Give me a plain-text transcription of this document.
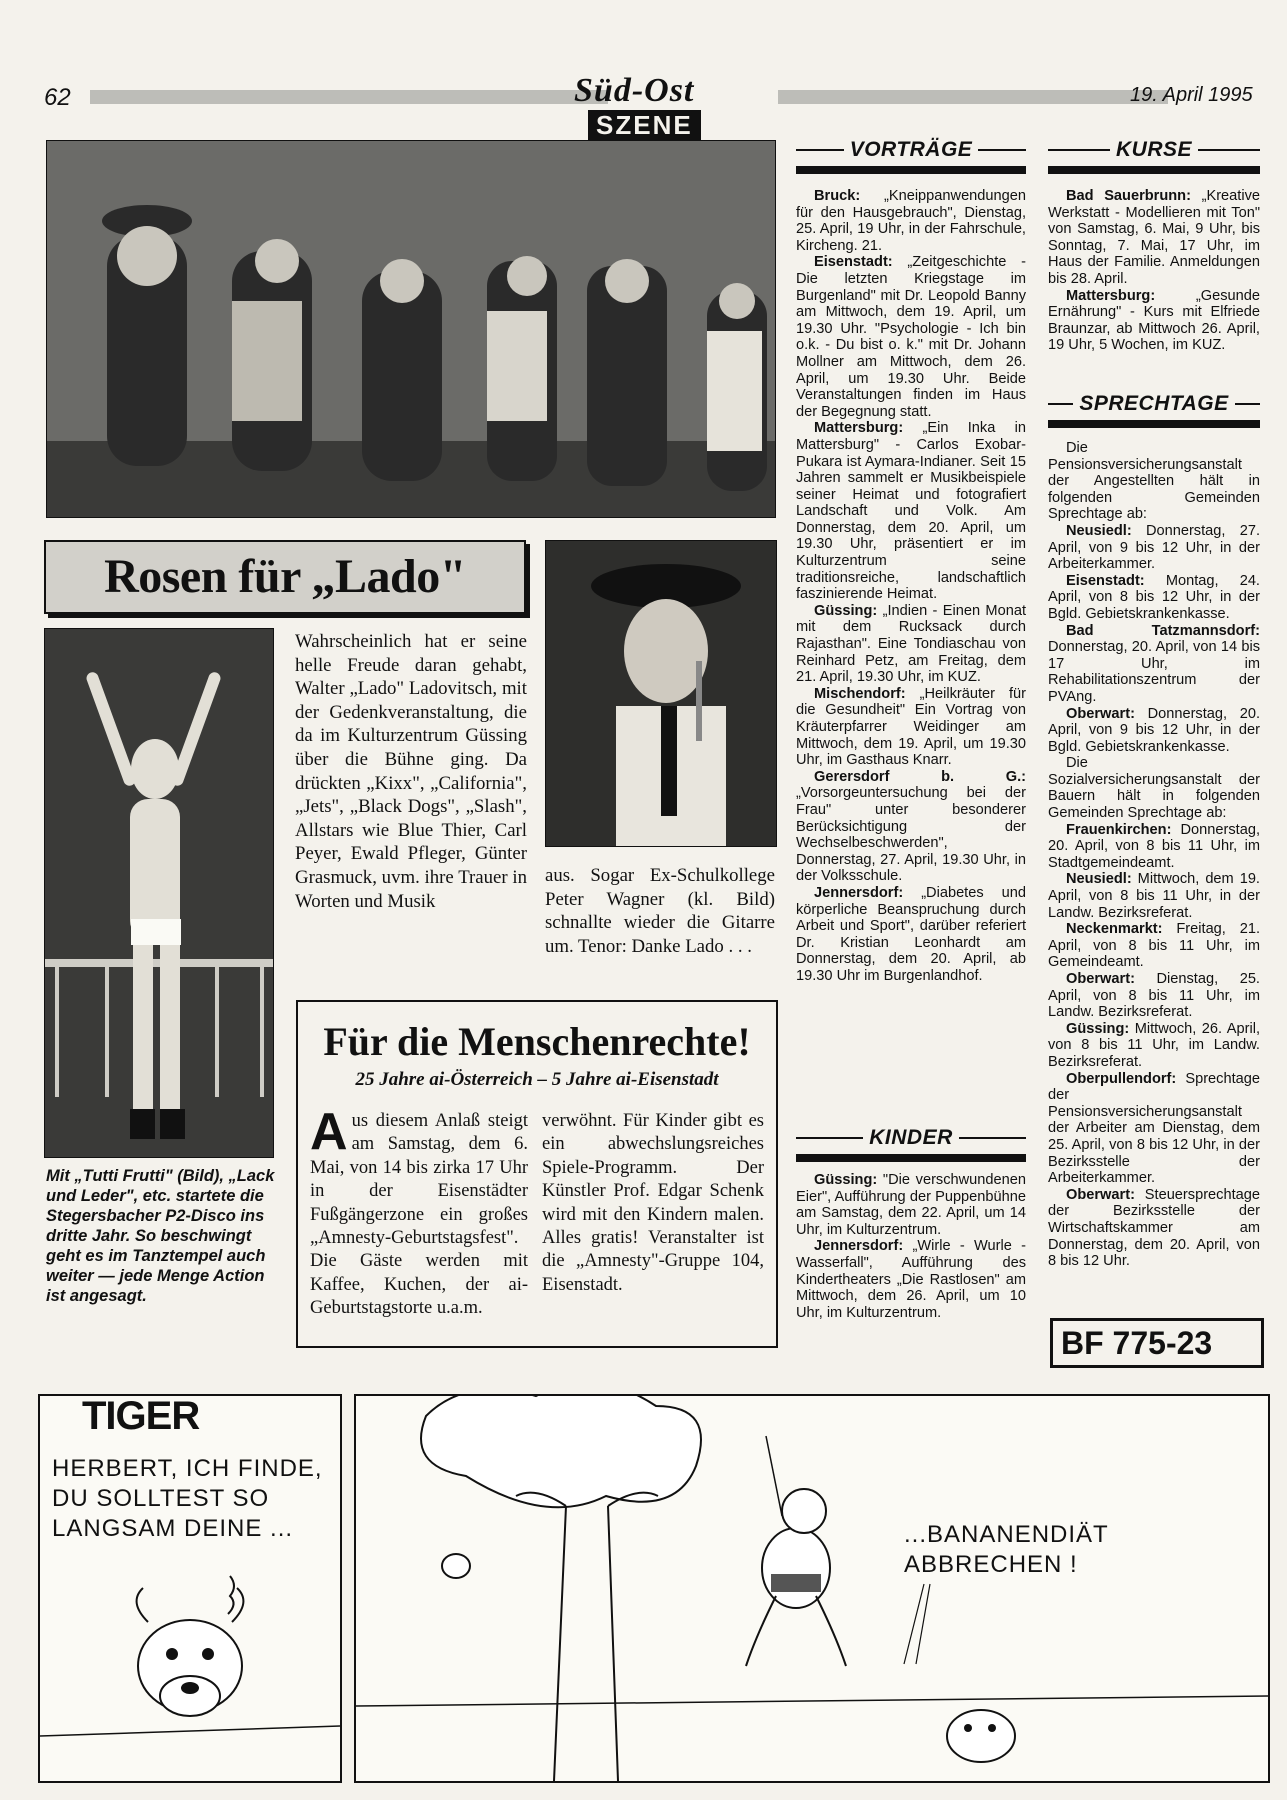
62	19. April 1995
Süd-Ost
SZENE
Rosen für „Lado"
Mit „Tutti Frutti" (Bild), „Lack und Leder", etc. startete die Stegersbacher P2-Disco ins dritte Jahr. So beschwingt geht es im Tanztempel auch weiter — jede Menge Action ist angesagt.
Wahrscheinlich hat er seine helle Freude daran gehabt, Walter „Lado" Ladovitsch, mit der Gedenkveranstaltung, die da im Kulturzentrum Güssing über die Bühne ging. Da drückten „Kixx", „California", „Jets", „Black Dogs", „Slash", Allstars wie Blue Thier, Carl Peyer, Ewald Pfleger, Günter Grasmuck, uvm. ihre Trauer in Worten und Musik
aus. Sogar Ex-Schulkollege Peter Wagner (kl. Bild) schnallte wieder die Gitarre um. Tenor: Danke Lado . . .
Für die Menschenrechte!
25 Jahre ai-Österreich – 5 Jahre ai-Eisenstadt
A us diesem Anlaß steigt am Samstag, dem 6. Mai, von 14 bis zirka 17 Uhr in der Eisenstädter Fußgängerzone ein großes „Amnesty-Geburtstagsfest". Die Gäste werden mit Kaffee, Kuchen, der ai-Geburtstagstorte u.a.m.
verwöhnt. Für Kinder gibt es ein abwechslungsreiches Spiele-Programm. Der Künstler Prof. Edgar Schenk wird mit den Kindern malen. Alles gratis! Veranstalter ist die „Amnesty"-Gruppe 104, Eisenstadt.
VORTRÄGE

Bruck: „Kneippanwendungen für den Hausgebrauch", Dienstag, 25. April, 19 Uhr, in der Fahrschule, Kircheng. 21.

Eisenstadt: „Zeitgeschichte - Die letzten Kriegstage im Burgenland" mit Dr. Leopold Banny am Mittwoch, dem 19. April, um 19.30 Uhr. "Psychologie - Ich bin o.k. - Du bist o. k." mit Dr. Johann Mollner am Mittwoch, dem 26. April, um 19.30 Uhr. Beide Veranstaltungen finden im Haus der Begegnung statt.

Mattersburg: „Ein Inka in Mattersburg" - Carlos Exobar-Pukara ist Aymara-Indianer. Seit 15 Jahren sammelt er Musikbeispiele seiner Heimat und fotografiert Landschaft und Volk. Am Donnerstag, dem 20. April, um 19.30 Uhr, präsentiert er im Kulturzentrum seine traditionsreiche, landschaftlich faszinierende Heimat.

Güssing: „Indien - Einen Monat mit dem Rucksack durch Rajasthan". Eine Tondiaschau von Reinhard Petz, am Freitag, dem 21. April, 19.30 Uhr, im KUZ.

Mischendorf: „Heilkräuter für die Gesundheit" Ein Vortrag von Kräuterpfarrer Weidinger am Mittwoch, dem 19. April, um 19.30 Uhr, im Gasthaus Knarr.

Gerersdorf b. G.: „Vorsorgeuntersuchung bei der Frau" unter besonderer Berücksichtigung der Wechselbeschwerden", Donnerstag, 27. April, 19.30 Uhr, in der Volksschule.

Jennersdorf: „Diabetes und körperliche Beanspruchung durch Arbeit und Sport", darüber referiert Dr. Kristian Leonhardt am Donnerstag, dem 20. April, ab 19.30 Uhr im Burgenlandhof.

KINDER

Güssing: "Die verschwundenen Eier", Aufführung der Puppenbühne am Samstag, dem 22. April, um 14 Uhr, im Kulturzentrum.

Jennersdorf: „Wirle - Wurle - Wasserfall", Aufführung des Kindertheaters „Die Rastlosen" am Mittwoch, dem 26. April, um 10 Uhr, im Kulturzentrum.

KURSE

Bad Sauerbrunn: „Kreative Werkstatt - Modellieren mit Ton" von Samstag, 6. Mai, 9 Uhr, bis Sonntag, 7. Mai, 17 Uhr, im Haus der Familie. Anmeldungen bis 28. April.

Mattersburg: „Gesunde Ernährung" - Kurs mit Elfriede Braunzar, ab Mittwoch 26. April, 19 Uhr, 5 Wochen, im KUZ.

SPRECHTAGE

Die Pensionsversicherungsanstalt der Angestellten hält in folgenden Gemeinden Sprechtage ab:

Neusiedl: Donnerstag, 27. April, von 9 bis 12 Uhr, in der Arbeiterkammer.

Eisenstadt: Montag, 24. April, von 8 bis 12 Uhr, in der Bgld. Gebietskrankenkasse.

Bad Tatzmannsdorf: Donnerstag, 20. April, von 14 bis 17 Uhr, im Rehabilitationszentrum der PVAng.

Oberwart: Donnerstag, 20. April, von 9 bis 12 Uhr, in der Bgld. Gebietskrankenkasse.

Die Sozialversicherungsanstalt der Bauern hält in folgenden Gemeinden Sprechtage ab:

Frauenkirchen: Donnerstag, 20. April, von 8 bis 11 Uhr, im Stadtgemeindeamt.

Neusiedl: Mittwoch, dem 19. April, von 8 bis 11 Uhr, in der Landw. Bezirksreferat.

Neckenmarkt: Freitag, 21. April, von 8 bis 11 Uhr, im Gemeindeamt.

Oberwart: Dienstag, 25. April, von 8 bis 11 Uhr, im Landw. Bezirksreferat.

Güssing: Mittwoch, 26. April, von 8 bis 11 Uhr, im Landw. Bezirksreferat.

Oberpullendorf: Sprechtage der Pensionsversicherungsanstalt der Arbeiter am Dienstag, dem 25. April, von 8 bis 12 Uhr, in der Bezirksstelle der Arbeiterkammer.

Oberwart: Steuersprechtage der Bezirksstelle der Wirtschaftskammer am Donnerstag, dem 20. April, von 8 bis 12 Uhr.

BF 775-23
HERBERT, ICH FINDE, DU SOLLTEST SO LANGSAM DEINE ...
TIGER
...BANANENDIÄT ABBRECHEN !
